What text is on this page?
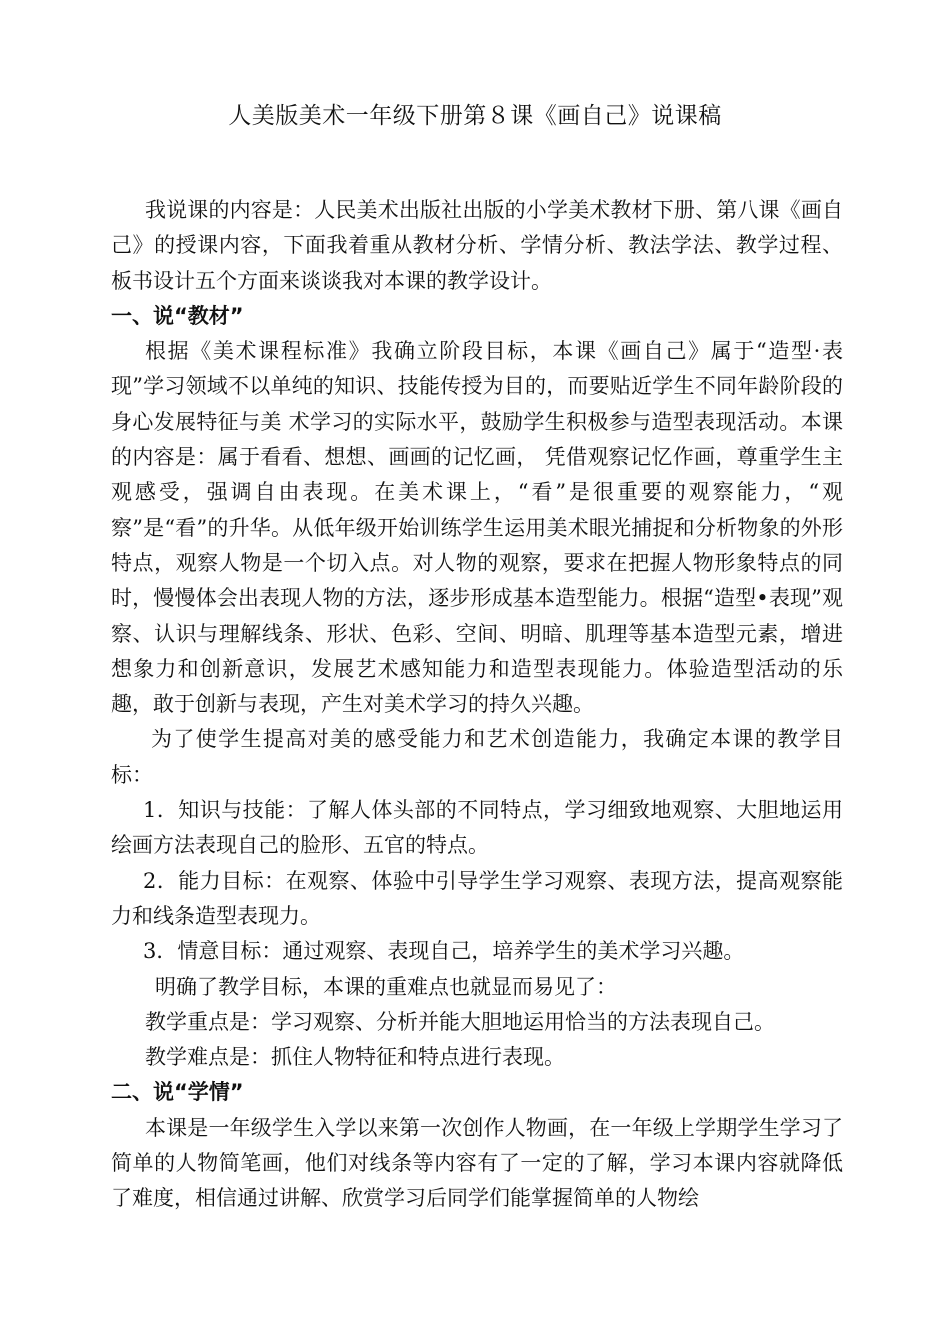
人美版美术一年级下册第８课《画自己》说课稿

我说课的内容是：人民美术出版社出版的小学美术教材下册、第八课《画自己》的授课内容，下面我着重从教材分析、学情分析、教法学法、教学过程、板书设计五个方面来谈谈我对本课的教学设计。

一、说“教材”

根据《美术课程标准》我确立阶段目标，本课《画自己》属于“造型·表现”学习领域不以单纯的知识、技能传授为目的，而要贴近学生不同年龄阶段的身心发展特征与美 术学习的实际水平，鼓励学生积极参与造型表现活动。本课的内容是：属于看看、想想、画画的记忆画， 凭借观察记忆作画，尊重学生主观感受，强调自由表现。在美术课上，“看”是很重要的观察能力，“观察”是“看”的升华。从低年级开始训练学生运用美术眼光捕捉和分析物象的外形特点，观察人物是一个切入点。对人物的观察，要求在把握人物形象特点的同时，慢慢体会出表现人物的方法，逐步形成基本造型能力。根据“造型•表现”观察、认识与理解线条、形状、色彩、空间、明暗、肌理等基本造型元素，增进想象力和创新意识，发展艺术感知能力和造型表现能力。体验造型活动的乐趣，敢于创新与表现，产生对美术学习的持久兴趣。

为了使学生提高对美的感受能力和艺术创造能力，我确定本课的教学目标：

1．知识与技能：了解人体头部的不同特点，学习细致地观察、大胆地运用绘画方法表现自己的脸形、五官的特点。

2．能力目标：在观察、体验中引导学生学习观察、表现方法，提高观察能力和线条造型表现力。

3．情意目标：通过观察、表现自己，培养学生的美术学习兴趣。

明确了教学目标，本课的重难点也就显而易见了：

教学重点是：学习观察、分析并能大胆地运用恰当的方法表现自己。

教学难点是：抓住人物特征和特点进行表现。

二、说“学情”

本课是一年级学生入学以来第一次创作人物画，在一年级上学期学生学习了简单的人物简笔画，他们对线条等内容有了一定的了解，学习本课内容就降低了难度，相信通过讲解、欣赏学习后同学们能掌握简单的人物绘
